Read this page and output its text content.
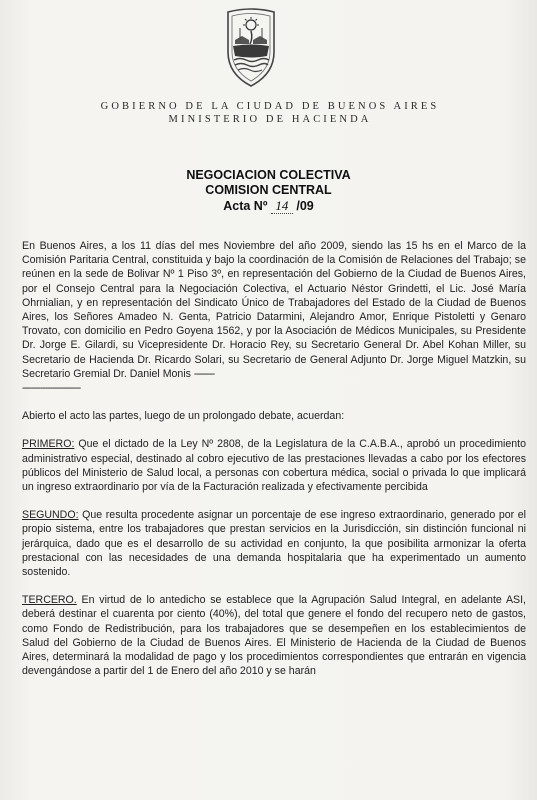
GOBIERNO DE LA CIUDAD DE BUENOS AIRES
MINISTERIO DE HACIENDA
NEGOCIACION COLECTIVA
COMISION CENTRAL
Acta Nº 14 /09

En Buenos Aires, a los 11 días del mes Noviembre del año 2009, siendo las 15 hs en el Marco de la Comisión Paritaria Central, constituida y bajo la coordinación de la Comisión de Relaciones del Trabajo; se reúnen en la sede de Bolivar Nº 1 Piso 3º, en representación del Gobierno de la Ciudad de Buenos Aires, por el Consejo Central para la Negociación Colectiva, el Actuario Néstor Grindetti, el Lic. José María Ohrnialian, y en representación del Sindicato Único de Trabajadores del Estado de la Ciudad de Buenos Aires, los Señores Amadeo N. Genta, Patricio Datarmini, Alejandro Amor, Enrique Pistoletti y Genaro Trovato, con domicilio en Pedro Goyena 1562, y por la Asociación de Médicos Municipales, su Presidente Dr. Jorge E. Gilardi, su Vicepresidente Dr. Horacio Rey, su Secretario General Dr. Abel Kohan Miller, su Secretario de Hacienda Dr. Ricardo Solari, su Secretario de General Adjunto Dr. Jorge Miguel Matzkin, su Secretario Gremial Dr. Daniel Monis --------
-----------------------

Abierto el acto las partes, luego de un prolongado debate, acuerdan:

PRIMERO: Que el dictado de la Ley Nº 2808, de la Legislatura de la C.A.B.A., aprobó un procedimiento administrativo especial, destinado al cobro ejecutivo de las prestaciones llevadas a cabo por los efectores públicos del Ministerio de Salud local, a personas con cobertura médica, social o privada lo que implicará un ingreso extraordinario por vía de la Facturación realizada y efectivamente percibida

SEGUNDO: Que resulta procedente asignar un porcentaje de ese ingreso extraordinario, generado por el propio sistema, entre los trabajadores que prestan servicios en la Jurisdicción, sin distinción funcional ni jerárquica, dado que es el desarrollo de su actividad en conjunto, la que posibilita armonizar la oferta prestacional con las necesidades de una demanda hospitalaria que ha experimentado un aumento sostenido.

TERCERO. En virtud de lo antedicho se establece que la Agrupación Salud Integral, en adelante ASI, deberá destinar el cuarenta por ciento (40%), del total que genere el fondo del recupero neto de gastos, como Fondo de Redistribución, para los trabajadores que se desempeñen en los establecimientos de Salud del Gobierno de la Ciudad de Buenos Aires. El Ministerio de Hacienda de la Ciudad de Buenos Aires, determinará la modalidad de pago y los procedimientos correspondientes que entrarán en vigencia devengándose a partir del 1 de Enero del año 2010 y se harán
